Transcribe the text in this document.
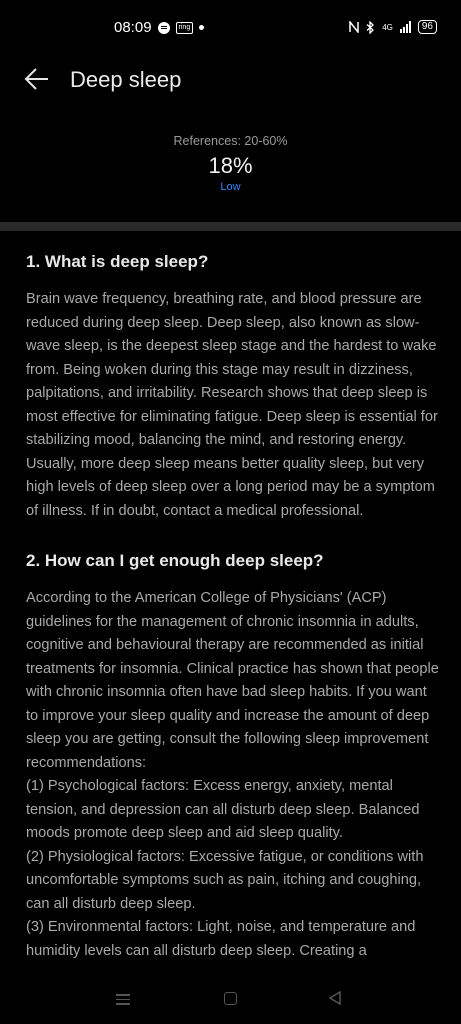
08:09	ring	4G	96
Deep sleep
References: 20-60%
18%
Low
1. What is deep sleep?

Brain wave frequency, breathing rate, and blood pressure are reduced during deep sleep. Deep sleep, also known as slow-wave sleep, is the deepest sleep stage and the hardest to wake from. Being woken during this stage may result in dizziness, palpitations, and irritability. Research shows that deep sleep is most effective for eliminating fatigue. Deep sleep is essential for stabilizing mood, balancing the mind, and restoring energy. Usually, more deep sleep means better quality sleep, but very high levels of deep sleep over a long period may be a symptom of illness. If in doubt, contact a medical professional.

2. How can I get enough deep sleep?

According to the American College of Physicians' (ACP) guidelines for the management of chronic insomnia in adults, cognitive and behavioural therapy are recommended as initial treatments for insomnia. Clinical practice has shown that people with chronic insomnia often have bad sleep habits. If you want to improve your sleep quality and increase the amount of deep sleep you are getting, consult the following sleep improvement recommendations:
(1) Psychological factors: Excess energy, anxiety, mental tension, and depression can all disturb deep sleep. Balanced moods promote deep sleep and aid sleep quality.
(2) Physiological factors: Excessive fatigue, or conditions with uncomfortable symptoms such as pain, itching and coughing, can all disturb deep sleep.
(3) Environmental factors: Light, noise, and temperature and humidity levels can all disturb deep sleep. Creating a
